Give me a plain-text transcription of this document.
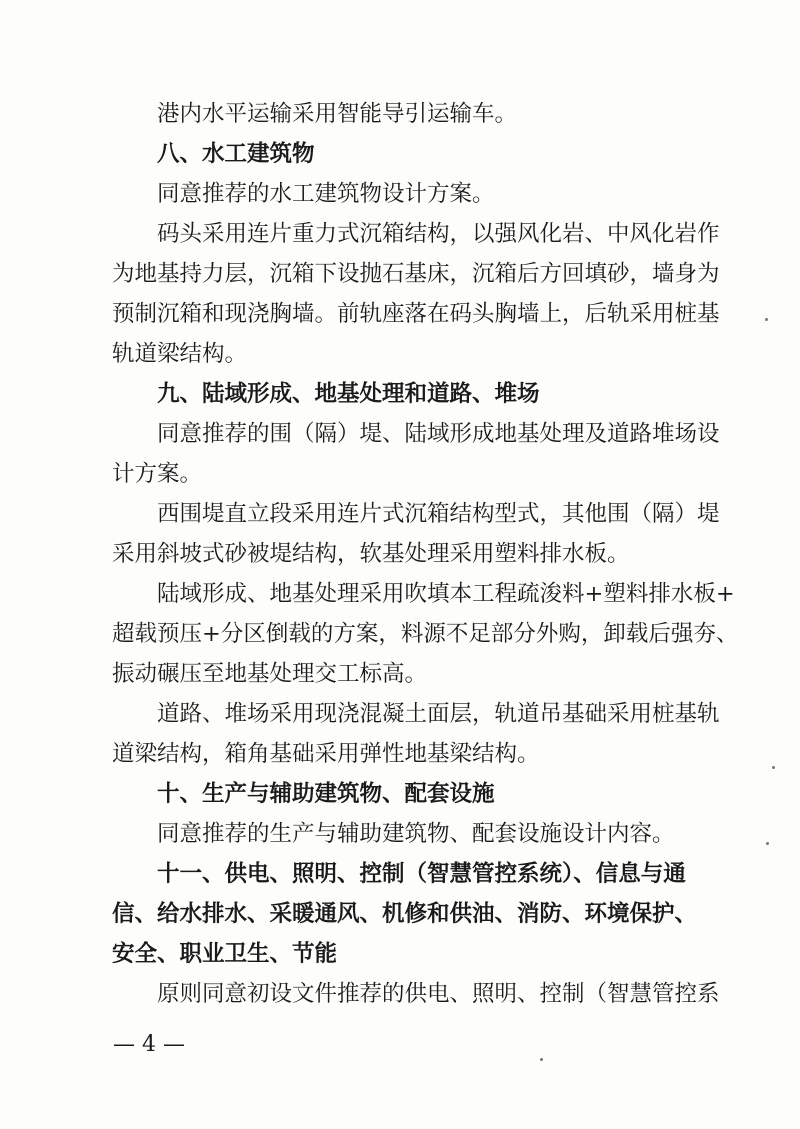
港内水平运输采用智能导引运输车。

八、水工建筑物

同意推荐的水工建筑物设计方案。

码头采用连片重力式沉箱结构，以强风化岩、中风化岩作

为地基持力层，沉箱下设抛石基床，沉箱后方回填砂，墙身为

预制沉箱和现浇胸墙。前轨座落在码头胸墙上，后轨采用桩基

轨道梁结构。

九、陆域形成、地基处理和道路、堆场

同意推荐的围（隔）堤、陆域形成地基处理及道路堆场设

计方案。

西围堤直立段采用连片式沉箱结构型式，其他围（隔）堤

采用斜坡式砂被堤结构，软基处理采用塑料排水板。

陆域形成、地基处理采用吹填本工程疏浚料+塑料排水板+

超载预压+分区倒载的方案，料源不足部分外购，卸载后强夯、

振动碾压至地基处理交工标高。

道路、堆场采用现浇混凝土面层，轨道吊基础采用桩基轨

道梁结构，箱角基础采用弹性地基梁结构。

十、生产与辅助建筑物、配套设施

同意推荐的生产与辅助建筑物、配套设施设计内容。

十一、供电、照明、控制（智慧管控系统）、信息与通

信、给水排水、采暖通风、机修和供油、消防、环境保护、

安全、职业卫生、节能

原则同意初设文件推荐的供电、照明、控制（智慧管控系

— 4 —
